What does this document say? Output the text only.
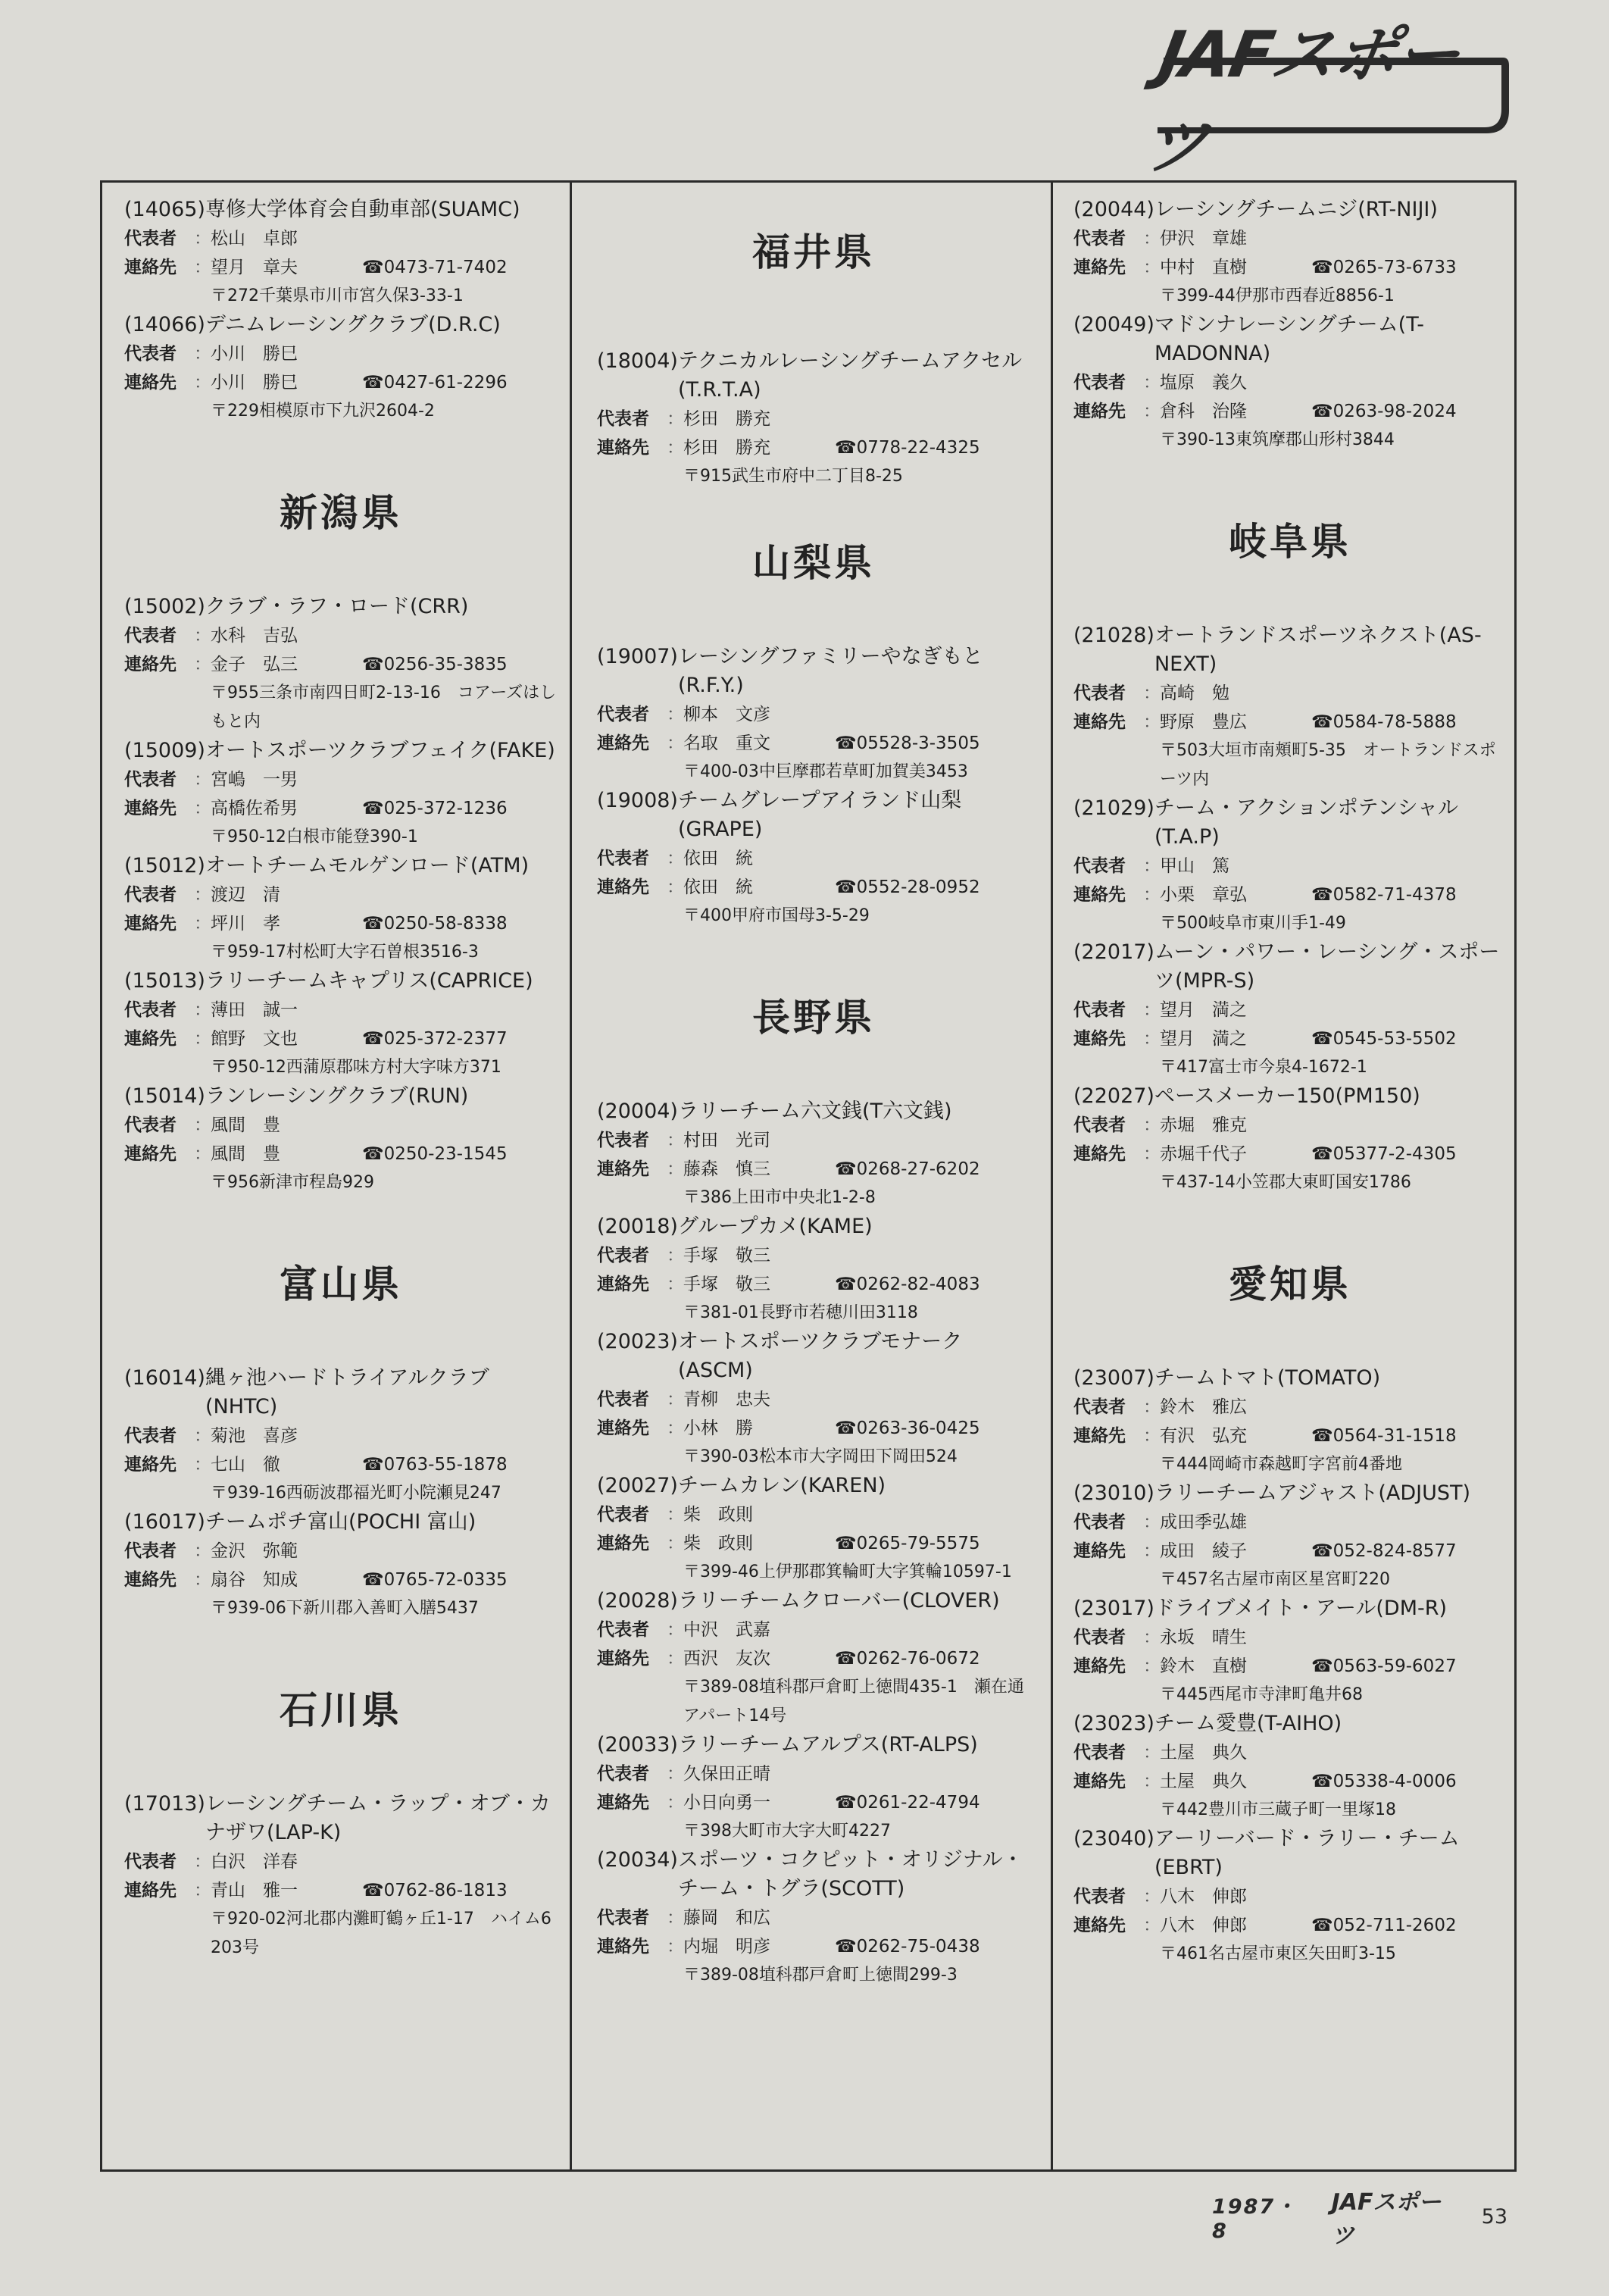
JAFスポーツ
(14065) 専修大学体育会自動車部(SUAMC)
代表者	： 松山　卓郎
連絡先	： 望月　章夫	☎0473-71-7402
〒272千葉県市川市宮久保3-33-1
(14066) デニムレーシングクラブ(D.R.C)
代表者	： 小川　勝巳
連絡先	： 小川　勝巳	☎0427-61-2296
〒229相模原市下九沢2604-2
新潟県
(15002) クラブ・ラフ・ロード(CRR)
代表者	： 水科　吉弘
連絡先	： 金子　弘三	☎0256-35-3835
〒955三条市南四日町2-13-16　コアーズはしもと内
(15009) オートスポーツクラブフェイク(FAKE)
代表者	： 宮嶋　一男
連絡先	： 高橋佐希男	☎025-372-1236
〒950-12白根市能登390-1
(15012) オートチームモルゲンロード(ATM)
代表者	： 渡辺　清
連絡先	： 坪川　孝	☎0250-58-8338
〒959-17村松町大字石曽根3516-3
(15013) ラリーチームキャプリス(CAPRICE)
代表者	： 薄田　誠一
連絡先	： 館野　文也	☎025-372-2377
〒950-12西蒲原郡味方村大字味方371
(15014) ランレーシングクラブ(RUN)
代表者	： 風間　豊
連絡先	： 風間　豊	☎0250-23-1545
〒956新津市程島929
富山県
(16014) 縄ヶ池ハードトライアルクラブ(NHTC)
代表者	： 菊池　喜彦
連絡先	： 七山　徹	☎0763-55-1878
〒939-16西砺波郡福光町小院瀬見247
(16017) チームポチ富山(POCHI 富山)
代表者	： 金沢　弥範
連絡先	： 扇谷　知成	☎0765-72-0335
〒939-06下新川郡入善町入膳5437
石川県
(17013) レーシングチーム・ラップ・オブ・カナザワ(LAP-K)
代表者	： 白沢　洋春
連絡先	： 青山　雅一	☎0762-86-1813
〒920-02河北郡内灘町鶴ヶ丘1-17　ハイム6　203号
福井県
(18004) テクニカルレーシングチームアクセル(T.R.T.A)
代表者	： 杉田　勝充
連絡先	： 杉田　勝充	☎0778-22-4325
〒915武生市府中二丁目8-25
山梨県
(19007) レーシングファミリーやなぎもと(R.F.Y.)
代表者	： 柳本　文彦
連絡先	： 名取　重文	☎05528-3-3505
〒400-03中巨摩郡若草町加賀美3453
(19008) チームグレープアイランド山梨(GRAPE)
代表者	： 依田　統
連絡先	： 依田　統	☎0552-28-0952
〒400甲府市国母3-5-29
長野県
(20004) ラリーチーム六文銭(T六文銭)
代表者	： 村田　光司
連絡先	： 藤森　慎三	☎0268-27-6202
〒386上田市中央北1-2-8
(20018) グループカメ(KAME)
代表者	： 手塚　敬三
連絡先	： 手塚　敬三	☎0262-82-4083
〒381-01長野市若穂川田3118
(20023) オートスポーツクラブモナーク(ASCM)
代表者	： 青柳　忠夫
連絡先	： 小林　勝	☎0263-36-0425
〒390-03松本市大字岡田下岡田524
(20027) チームカレン(KAREN)
代表者	： 柴　政則
連絡先	： 柴　政則	☎0265-79-5575
〒399-46上伊那郡箕輪町大字箕輪10597-1
(20028) ラリーチームクローバー(CLOVER)
代表者	： 中沢　武嘉
連絡先	： 西沢　友次	☎0262-76-0672
〒389-08埴科郡戸倉町上徳間435-1　瀬在通アパート14号
(20033) ラリーチームアルプス(RT-ALPS)
代表者	： 久保田正晴
連絡先	： 小日向勇一	☎0261-22-4794
〒398大町市大字大町4227
(20034) スポーツ・コクピット・オリジナル・チーム・トグラ(SCOTT)
代表者	： 藤岡　和広
連絡先	： 内堀　明彦	☎0262-75-0438
〒389-08埴科郡戸倉町上徳間299-3
(20044) レーシングチームニジ(RT-NIJI)
代表者	： 伊沢　章雄
連絡先	： 中村　直樹	☎0265-73-6733
〒399-44伊那市西春近8856-1
(20049) マドンナレーシングチーム(T-MADONNA)
代表者	： 塩原　義久
連絡先	： 倉科　治隆	☎0263-98-2024
〒390-13東筑摩郡山形村3844
岐阜県
(21028) オートランドスポーツネクスト(AS-NEXT)
代表者	： 高崎　勉
連絡先	： 野原　豊広	☎0584-78-5888
〒503大垣市南頬町5-35　オートランドスポーツ内
(21029) チーム・アクションポテンシャル(T.A.P)
代表者	： 甲山　篤
連絡先	： 小栗　章弘	☎0582-71-4378
〒500岐阜市東川手1-49
(22017) ムーン・パワー・レーシング・スポーツ(MPR-S)
代表者	： 望月　満之
連絡先	： 望月　満之	☎0545-53-5502
〒417富士市今泉4-1672-1
(22027) ペースメーカー150(PM150)
代表者	： 赤堀　雅克
連絡先	： 赤堀千代子	☎05377-2-4305
〒437-14小笠郡大東町国安1786
愛知県
(23007) チームトマト(TOMATO)
代表者	： 鈴木　雅広
連絡先	： 有沢　弘充	☎0564-31-1518
〒444岡崎市森越町字宮前4番地
(23010) ラリーチームアジャスト(ADJUST)
代表者	： 成田季弘雄
連絡先	： 成田　綾子	☎052-824-8577
〒457名古屋市南区星宮町220
(23017) ドライブメイト・アール(DM-R)
代表者	： 永坂　晴生
連絡先	： 鈴木　直樹	☎0563-59-6027
〒445西尾市寺津町亀井68
(23023) チーム愛豊(T-AIHO)
代表者	： 土屋　典久
連絡先	： 土屋　典久	☎05338-4-0006
〒442豊川市三蔵子町一里塚18
(23040) アーリーバード・ラリー・チーム(EBRT)
代表者	： 八木　伸郎
連絡先	： 八木　伸郎	☎052-711-2602
〒461名古屋市東区矢田町3-15
1987・8
JAFスポーツ
53
